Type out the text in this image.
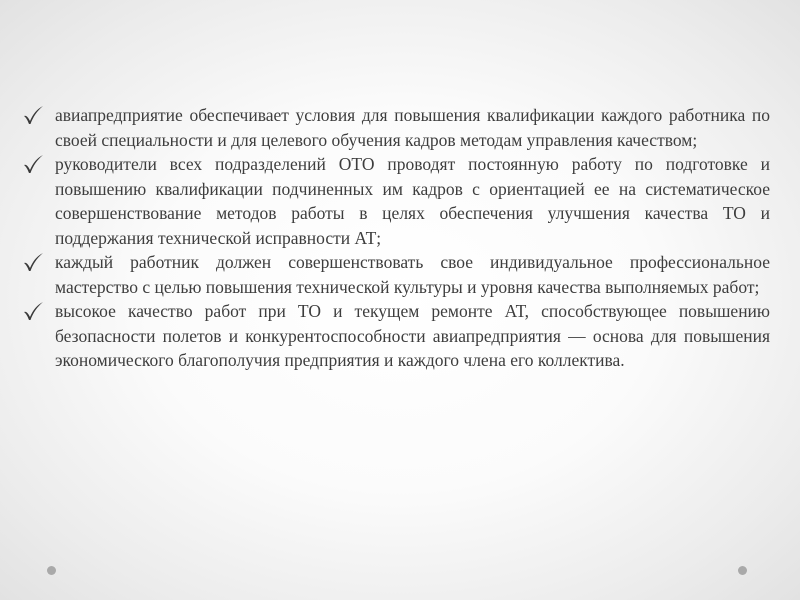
авиапредприятие обеспечивает условия для повышения квалификации каждого работника по своей специальности и для целевого обучения кадров методам управления качеством;
руководители всех подразделений ОТО проводят постоянную работу по подготовке и повышению квалификации подчиненных им кадров с ориентацией ее на систематическое совершенствование методов работы в целях обеспечения улучшения качества ТО и поддержания технической исправности АТ;
каждый работник должен совершенствовать свое индивидуальное профессиональное мастерство с целью повышения технической культуры и уровня качества выполняемых работ;
высокое качество работ при ТО и текущем ремонте АТ, способствующее повышению безопасности полетов и конкурентоспособности авиапредприятия — основа для повышения экономического благополучия предприятия и каждого члена его коллектива.
